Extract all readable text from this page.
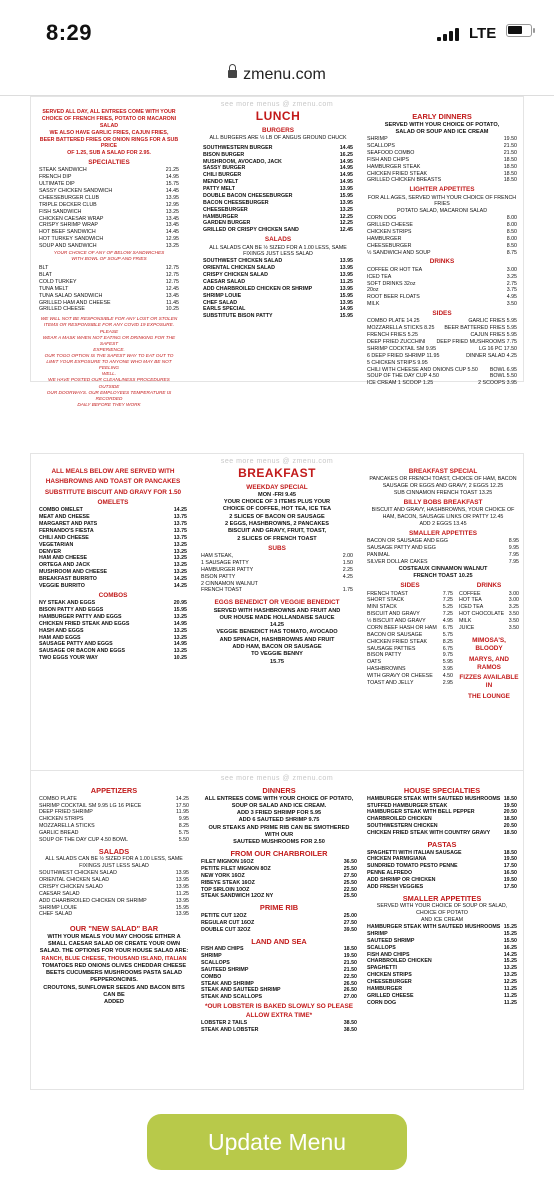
8:29	LTE
zmenu.com
see more menus @ zmenu.com
SERVED ALL DAY, ALL ENTREES COME WITH YOUR
CHOICE OF FRENCH FRIES, POTATO OR MACARONI SALAD
WE ALSO HAVE GARLIC FRIES, CAJUN FRIES,
BEER BATTERED FRIES OR ONION RINGS FOR A SUB PRICE
OF 1.25, SUB A SALAD FOR 2.95.
SPECIALTIES
STEAK SANDWICH	21.25
FRENCH DIP	14.95
ULTIMATE DIP	15.75
SASSY CHICKEN SANDWICH	14.45
CHEESEBURGER CLUB	13.95
TRIPLE DECKER CLUB	12.95
FISH SANDWICH	13.25
CHICKEN CAESAR WRAP	13.45
CRISPY SHRIMP WRAP	13.45
HOT BEEF SANDWICH	14.45
HOT TURKEY SANDWICH	12.95
SOUP AND SANDWICH	13.25
YOUR CHOICE OF ANY OF BELOW SANDWICHES
WITH BOWL OF SOUP AND FRIES
BLT	12.75
BLAT	12.75
COLD TURKEY	12.75
TUNA MELT	12.45
TUNA SALAD SANDWICH	13.45
GRILLED HAM AND CHEESE	11.45
GRILLED CHEESE	10.25
WE WILL NOT BE RESPONSIBLE FOR ANY LOST OR STOLEN
ITEMS OR RESPONSIBLE FOR ANY COVID 19 EXPOSURE. PLEASE
WEAR A MASK WHEN NOT EATING OR DRINKING FOR THE SAFEST
EXPERIENCE.
OUR TOGO OPTION IS THE SAFEST WAY TO EAT OUT TO
LIMIT YOUR EXPOSURE TO ANYONE WHO MAY BE NOT FEELING
WELL.
WE HAVE POSTED OUR CLEANLINESS PROCEDURES OUTSIDE
OUR DOORWAYS. OUR EMPLOYEES TEMPERATURE IS RECORDED
DAILY BEFORE THEY WORK
LUNCH
BURGERS
ALL BURGERS ARE ½ LB OF ANGUS GROUND CHUCK
SOUTHWESTERN BURGER	14.45
BISON BURGER	16.25
MUSHROOM, AVOCADO, JACK	14.95
SASSY BURGER	14.95
CHILI BURGER	14.95
MENDO MELT	14.95
PATTY MELT	13.95
DOUBLE BACON CHEESEBURGER	15.95
BACON CHEESEBURGER	13.95
CHEESEBURGER	13.25
HAMBURGER	12.25
GARDEN BURGER	12.25
GRILLED OR CRISPY CHICKEN SAND	12.45
SALADS
ALL SALADS CAN BE ½ SIZED FOR A 1.00 LESS, SAME FIXINGS JUST LESS SALAD
SOUTHWEST CHICKEN SALAD	13.95
ORIENTAL CHICKEN SALAD	13.95
CRISPY CHICKEN SALAD	13.95
CAESAR SALAD	11.25
ADD CHARBROILED CHICKEN OR SHRIMP	13.95
SHRIMP LOUIE	15.95
CHEF SALAD	13.95
EARLS SPECIAL	14.95
SUBSTITUTE BISON PATTY	15.95
EARLY DINNERS
SERVED WITH YOUR CHOICE OF POTATO,
SALAD OR SOUP AND ICE CREAM
SHRIMP	19.50
SCALLOPS	21.50
SEAFOOD COMBO	21.50
FISH AND CHIPS	18.50
HAMBURGER STEAK	18.50
CHICKEN FRIED STEAK	18.50
GRILLED CHICKEN BREASTS	18.50
LIGHTER APPETITES
FOR ALL AGES, SERVED WITH YOUR CHOICE OF FRENCH FRIES
POTATO SALAD, MACARONI SALAD
CORN DOG	8.00
GRILLED CHEESE	8.00
CHICKEN STRIPS	8.50
HAMBURGER	8.00
CHEESEBURGER	8.50
½ SANDWICH AND SOUP	8.75
DRINKS
COFFEE OR HOT TEA	3.00
ICED TEA	3.25
SOFT DRINKS 32oz	2.75
20oz	3.75
ROOT BEER FLOATS	4.95
MILK	3.50
SIDES
COMBO PLATE 14.25	GARLIC FRIES 5.95
MOZZARELLA STICKS 8.25	BEER BATTERED FRIES 5.95
FRENCH FRIES 5.25	CAJUN FRIES 5.95
DEEP FRIED ZUCCHINI	DEEP FRIED MUSHROOMS 7.75
SHRIMP COCKTAIL SM 9.95	LG 16 PC 17.50
6 DEEP FRIED SHRIMP 11.95	DINNER SALAD 4.25
5 CHICKEN STRIPS 9.95
CHILI WITH CHEESE AND ONIONS CUP 5.50	BOWL 6.95
SOUP OF THE DAY CUP 4.50	BOWL 5.50
ICE CREAM 1 SCOOP 1.25	2 SCOOPS 3.95
see more menus @ zmenu.com
ALL MEALS BELOW ARE SERVED WITH
HASHBROWNS AND TOAST OR PANCAKES
SUBSTITUTE BISCUIT AND GRAVY FOR 1.50
OMELETS
COMBO OMELET	14.25
MEAT AND CHEESE	13.75
MARGARET AND PATS	13.75
FERNANDO'S FIESTA	13.75
CHILI AND CHEESE	13.75
VEGETARIAN	13.25
DENVER	13.25
HAM AND CHEESE	13.25
ORTEGA AND JACK	13.25
MUSHROOM AND CHEESE	13.25
BREAKFAST BURRITO	14.25
VEGGIE BURRITO	14.25
COMBOS
NY STEAK AND EGGS	20.95
BISON PATTY AND EGGS	15.95
HAMBURGER PATTY AND EGGS	13.25
CHICKEN FRIED STEAK AND EGGS	14.95
HASH AND EGGS	13.25
HAM AND EGGS	13.25
SAUSAGE PATTY AND EGGS	14.95
SAUSAGE OR BACON AND EGGS	13.25
TWO EGGS YOUR WAY	10.25
BREAKFAST
WEEKDAY SPECIAL
MON -FRI 9.45
YOUR CHOICE OF 3 ITEMS PLUS YOUR
CHOICE OF COFFEE, HOT TEA, ICE TEA
2 SLICES OF BACON OR SAUSAGE
2 EGGS, HASHBROWNS, 2 PANCAKES
BISCUIT AND GRAVY, FRUIT, TOAST,
2 SLICES OF FRENCH TOAST
SUBS
HAM STEAK,	2.00
1 SAUSAGE PATTY	1.50
HAMBURGER PATTY	2.25
BISON PATTY	4.25
2 CINNAMON WALNUT
FRENCH TOAST	1.75
EGGS BENEDICT OR VEGGIE BENEDICT
SERVED WITH HASHBROWNS AND FRUIT AND
OUR HOUSE MADE HOLLANDAISE SAUCE
14.25
VEGGIE BENEDICT HAS TOMATO, AVOCADO
AND SPINACH, HASHBROWNS AND FRUIT
ADD HAM, BACON OR SAUSAGE
TO VEGGIE BENNY
15.75
BREAKFAST SPECIAL
PANCAKES OR FRENCH TOAST, CHOICE OF HAM, BACON
SAUSAGE OR EGGS AND GRAVY, 2 EGGS 12.25
SUB CINNAMON FRENCH TOAST 13.25
BILLY BOBS BREAKFAST
BISCUIT AND GRAVY, HASHBROWNS, YOUR CHOICE OF
HAM, BACON, SAUSAGE LINKS OR PATTY 12.45
ADD 2 EGGS 13.45
SMALLER APPETITES
BACON OR SAUSAGE AND EGG	8.95
SAUSAGE PATTY AND EGG	9.95
PANIMAL	7.95
SILVER DOLLAR CAKES	7.95
COSTEAUX CINNAMON WALNUT
FRENCH TOAST 10.25
SIDES
FRENCH TOAST	7.75
SHORT STACK	7.25
MINI STACK	5.25
BISCUIT AND GRAVY	7.25
½ BISCUIT AND GRAVY	4.95
CORN BEEF HASH OR HAM	6.75
BACON OR SAUSAGE	5.75
CHICKEN FRIED STEAK	8.25
SAUSAGE PATTIES	6.75
BISON PATTY	9.75
OATS	5.95
HASHBROWNS	3.95
WITH GRAVY OR CHEESE	4.50
TOAST AND JELLY	2.95
DRINKS
COFFEE	3.00
HOT TEA	3.00
ICED TEA	3.25
HOT CHOCOLATE 3.50
MILK	3.50
JUICE	3.50
MIMOSA'S, BLOODY
MARYS, AND RAMOS
FIZZES AVAILABLE IN
THE LOUNGE
see more menus @ zmenu.com
APPETIZERS
COMBO PLATE	14.25
SHRIMP COCKTAIL SM 9.95 LG 16 PIECE	17.50
DEEP FRIED SHRIMP	11.95
CHICKEN STRIPS	9.95
MOZZARELLA STICKS	8.25
GARLIC BREAD	5.75
SOUP OF THE DAY CUP 4.50 BOWL	5.50
SALADS
ALL SALADS CAN BE ½ SIZED FOR A 1.00 LESS, SAME FIXINGS JUST LESS SALAD
SOUTHWEST CHICKEN SALAD	13.95
ORIENTAL CHICKEN SALAD	13.95
CRISPY CHICKEN SALAD	13.95
CAESAR SALAD	11.25
ADD CHARBROILED CHICKEN OR SHRIMP	13.95
SHRIMP LOUIE	15.95
CHEF SALAD	13.95
OUR "NEW SALAD" BAR
WITH YOUR MEALS YOU MAY CHOOSE EITHER A
SMALL CAESAR SALAD OR CREATE YOUR OWN
SALAD. THE OPTIONS FOR YOUR HOUSE SALAD ARE:
RANCH, BLUE CHEESE, THOUSAND ISLAND, ITALIAN
TOMATOES RED ONIONS OLIVES CHEDDAR CHEESE
BEETS CUCUMBERS MUSHROOMS PASTA SALAD
PEPPERONCINIS.
CROUTONS, SUNFLOWER SEEDS AND BACON BITS CAN BE
ADDED
DINNERS
ALL ENTREES COME WITH YOUR CHOICE OF POTATO,
SOUP OR SALAD AND ICE CREAM.
ADD 3 FRIED SHRIMP FOR 5.95
ADD 6 SAUTEED SHRIMP 9.75
OUR STEAKS AND PRIME RIB CAN BE SMOTHERED WITH OUR
SAUTEED MUSHROOMS FOR 2.50
FROM OUR CHARBROILER
FILET MIGNON 16OZ	36.50
PETITE FILET MIGNON 8OZ	25.50
NEW YORK 16OZ	27.50
RIBEYE STEAK 16OZ	25.50
TOP SIRLOIN 10OZ	22.50
STEAK SANDWICH 12OZ NY	25.50
PRIME RIB
PETITE CUT 12OZ	25.00
REGULAR CUT 16OZ	27.50
DOUBLE CUT 32OZ	39.50
LAND AND SEA
FISH AND CHIPS	18.50
SHRIMP	19.50
SCALLOPS	21.50
SAUTEED SHRIMP	21.50
COMBO	22.50
STEAK AND SHRIMP	26.50
STEAK AND SAUTEED SHRIMP	26.50
STEAK AND SCALLOPS	27.00
*OUR LOBSTER IS BAKED SLOWLY SO PLEASE ALLOW EXTRA TIME*
LOBSTER 2 TAILS	38.50
STEAK AND LOBSTER	38.50
HOUSE SPECIALTIES
HAMBURGER STEAK WITH SAUTEED MUSHROOMS 18.50
STUFFED HAMBURGER STEAK	19.50
HAMBURGER STEAK WITH BELL PEPPER	20.50
CHARBROILED CHICKEN	18.50
SOUTHWESTERN CHICKEN	20.50
CHICKEN FRIED STEAK WITH COUNTRY GRAVY	18.50
PASTAS
SPAGHETTI WITH ITALIAN SAUSAGE	18.50
CHICKEN PARMIGIANA	19.50
SUNDRIED TOMATO PESTO PENNE	17.50
PENNE ALFREDO	16.50
ADD SHRIMP OR CHICKEN	19.50
ADD FRESH VEGGIES	17.50
SMALLER APPETITES
SERVED WITH YOUR CHOICE OF SOUP OR SALAD, CHOICE OF POTATO
AND ICE CREAM
HAMBURGER STEAK WITH SAUTEED MUSHROOMS 15.25
SHRIMP	15.25
SAUTEED SHRIMP	15.50
SCALLOPS	16.25
FISH AND CHIPS	14.25
CHARBROILED CHICKEN	15.25
SPAGHETTI	13.25
CHICKEN STRIPS	13.25
CHEESEBURGER	12.25
HAMBURGER	11.25
GRILLED CHEESE	11.25
CORN DOG	11.25
Update Menu
